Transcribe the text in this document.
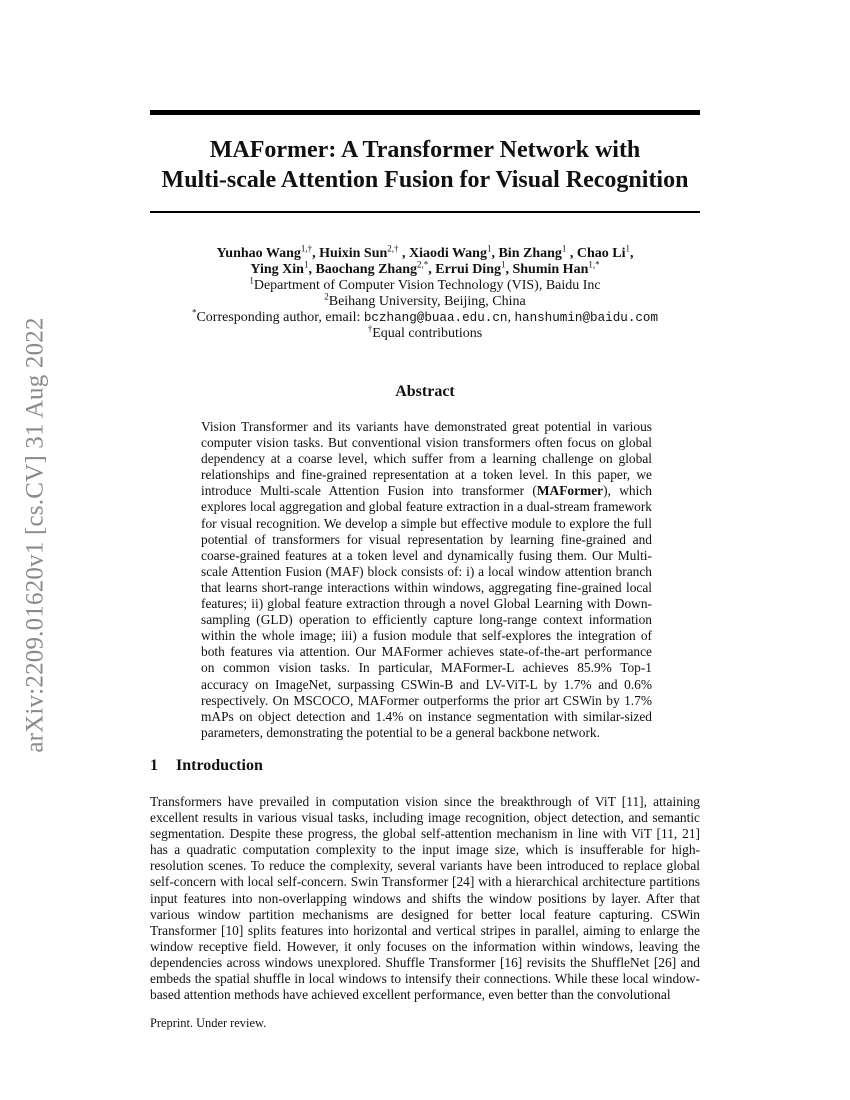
arXiv:2209.01620v1 [cs.CV] 31 Aug 2022
MAFormer: A Transformer Network with
Multi-scale Attention Fusion for Visual Recognition
Yunhao Wang$^{1,\dagger}$, Huixin Sun$^{2,\dagger}$ , Xiaodi Wang$^1$, Bin Zhang$^1$ , Chao Li$^1$,
Ying Xin$^1$, Baochang Zhang$^{2,*}$, Errui Ding$^1$, Shumin Han$^{1,*}$
$^1$Department of Computer Vision Technology (VIS), Baidu Inc
$^2$Beihang University, Beijing, China
*Corresponding author, email: bczhang@buaa.edu.cn, hanshumin@baidu.com
†Equal contributions
Abstract

Vision Transformer and its variants have demonstrated great potential in various computer vision tasks. But conventional vision transformers often focus on global dependency at a coarse level, which suffer from a learning challenge on global relationships and fine-grained representation at a token level. In this paper, we introduce Multi-scale Attention Fusion into transformer (MAFormer), which explores local aggregation and global feature extraction in a dual-stream framework for visual recognition. We develop a simple but effective module to explore the full potential of transformers for visual representation by learning fine-grained and coarse-grained features at a token level and dynamically fusing them. Our Multi-scale Attention Fusion (MAF) block consists of: i) a local window attention branch that learns short-range interactions within windows, aggregating fine-grained local features; ii) global feature extraction through a novel Global Learning with Down-sampling (GLD) operation to efficiently capture long-range context information within the whole image; iii) a fusion module that self-explores the integration of both features via attention. Our MAFormer achieves state-of-the-art performance on common vision tasks. In particular, MAFormer-L achieves 85.9% Top-1 accuracy on ImageNet, surpassing CSWin-B and LV-ViT-L by 1.7% and 0.6% respectively. On MSCOCO, MAFormer outperforms the prior art CSWin by 1.7% mAPs on object detection and 1.4% on instance segmentation with similar-sized parameters, demonstrating the potential to be a general backbone network.

1 Introduction

Transformers have prevailed in computation vision since the breakthrough of ViT [11], attaining excellent results in various visual tasks, including image recognition, object detection, and semantic segmentation. Despite these progress, the global self-attention mechanism in line with ViT [11, 21] has a quadratic computation complexity to the input image size, which is insufferable for high-resolution scenes. To reduce the complexity, several variants have been introduced to replace global self-concern with local self-concern. Swin Transformer [24] with a hierarchical architecture partitions input features into non-overlapping windows and shifts the window positions by layer. After that various window partition mechanisms are designed for better local feature capturing. CSWin Transformer [10] splits features into horizontal and vertical stripes in parallel, aiming to enlarge the window receptive field. However, it only focuses on the information within windows, leaving the dependencies across windows unexplored. Shuffle Transformer [16] revisits the ShuffleNet [26] and embeds the spatial shuffle in local windows to intensify their connections. While these local window-based attention methods have achieved excellent performance, even better than the convolutional

Preprint. Under review.
